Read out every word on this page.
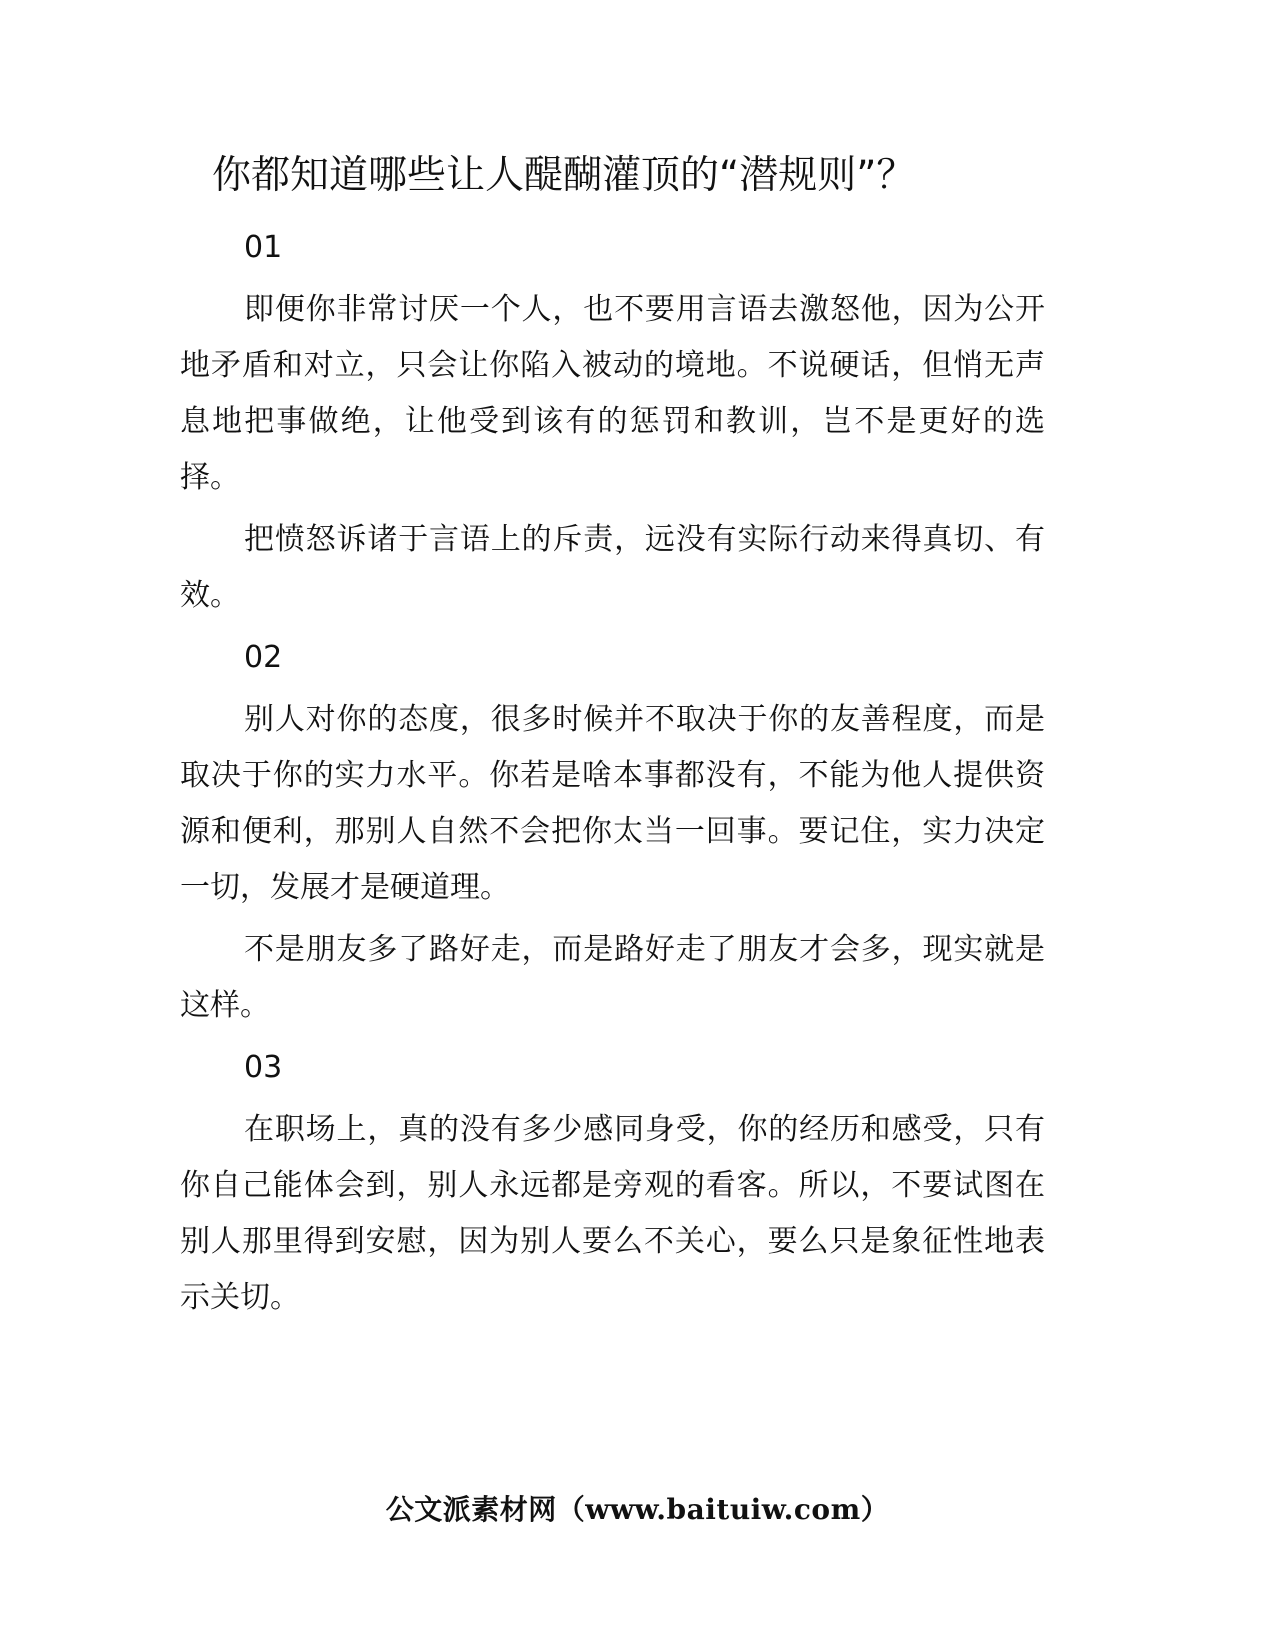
你都知道哪些让人醍醐灌顶的“潜规则”？

01

即便你非常讨厌一个人，也不要用言语去激怒他，因为公开地矛盾和对立，只会让你陷入被动的境地。不说硬话，但悄无声息地把事做绝，让他受到该有的惩罚和教训，岂不是更好的选择。

把愤怒诉诸于言语上的斥责，远没有实际行动来得真切、有效。

02

别人对你的态度，很多时候并不取决于你的友善程度，而是取决于你的实力水平。你若是啥本事都没有，不能为他人提供资源和便利，那别人自然不会把你太当一回事。要记住，实力决定一切，发展才是硬道理。

不是朋友多了路好走，而是路好走了朋友才会多，现实就是这样。

03

在职场上，真的没有多少感同身受，你的经历和感受，只有你自己能体会到，别人永远都是旁观的看客。所以，不要试图在别人那里得到安慰，因为别人要么不关心，要么只是象征性地表示关切。

公文派素材网（www.baituiw.com）
